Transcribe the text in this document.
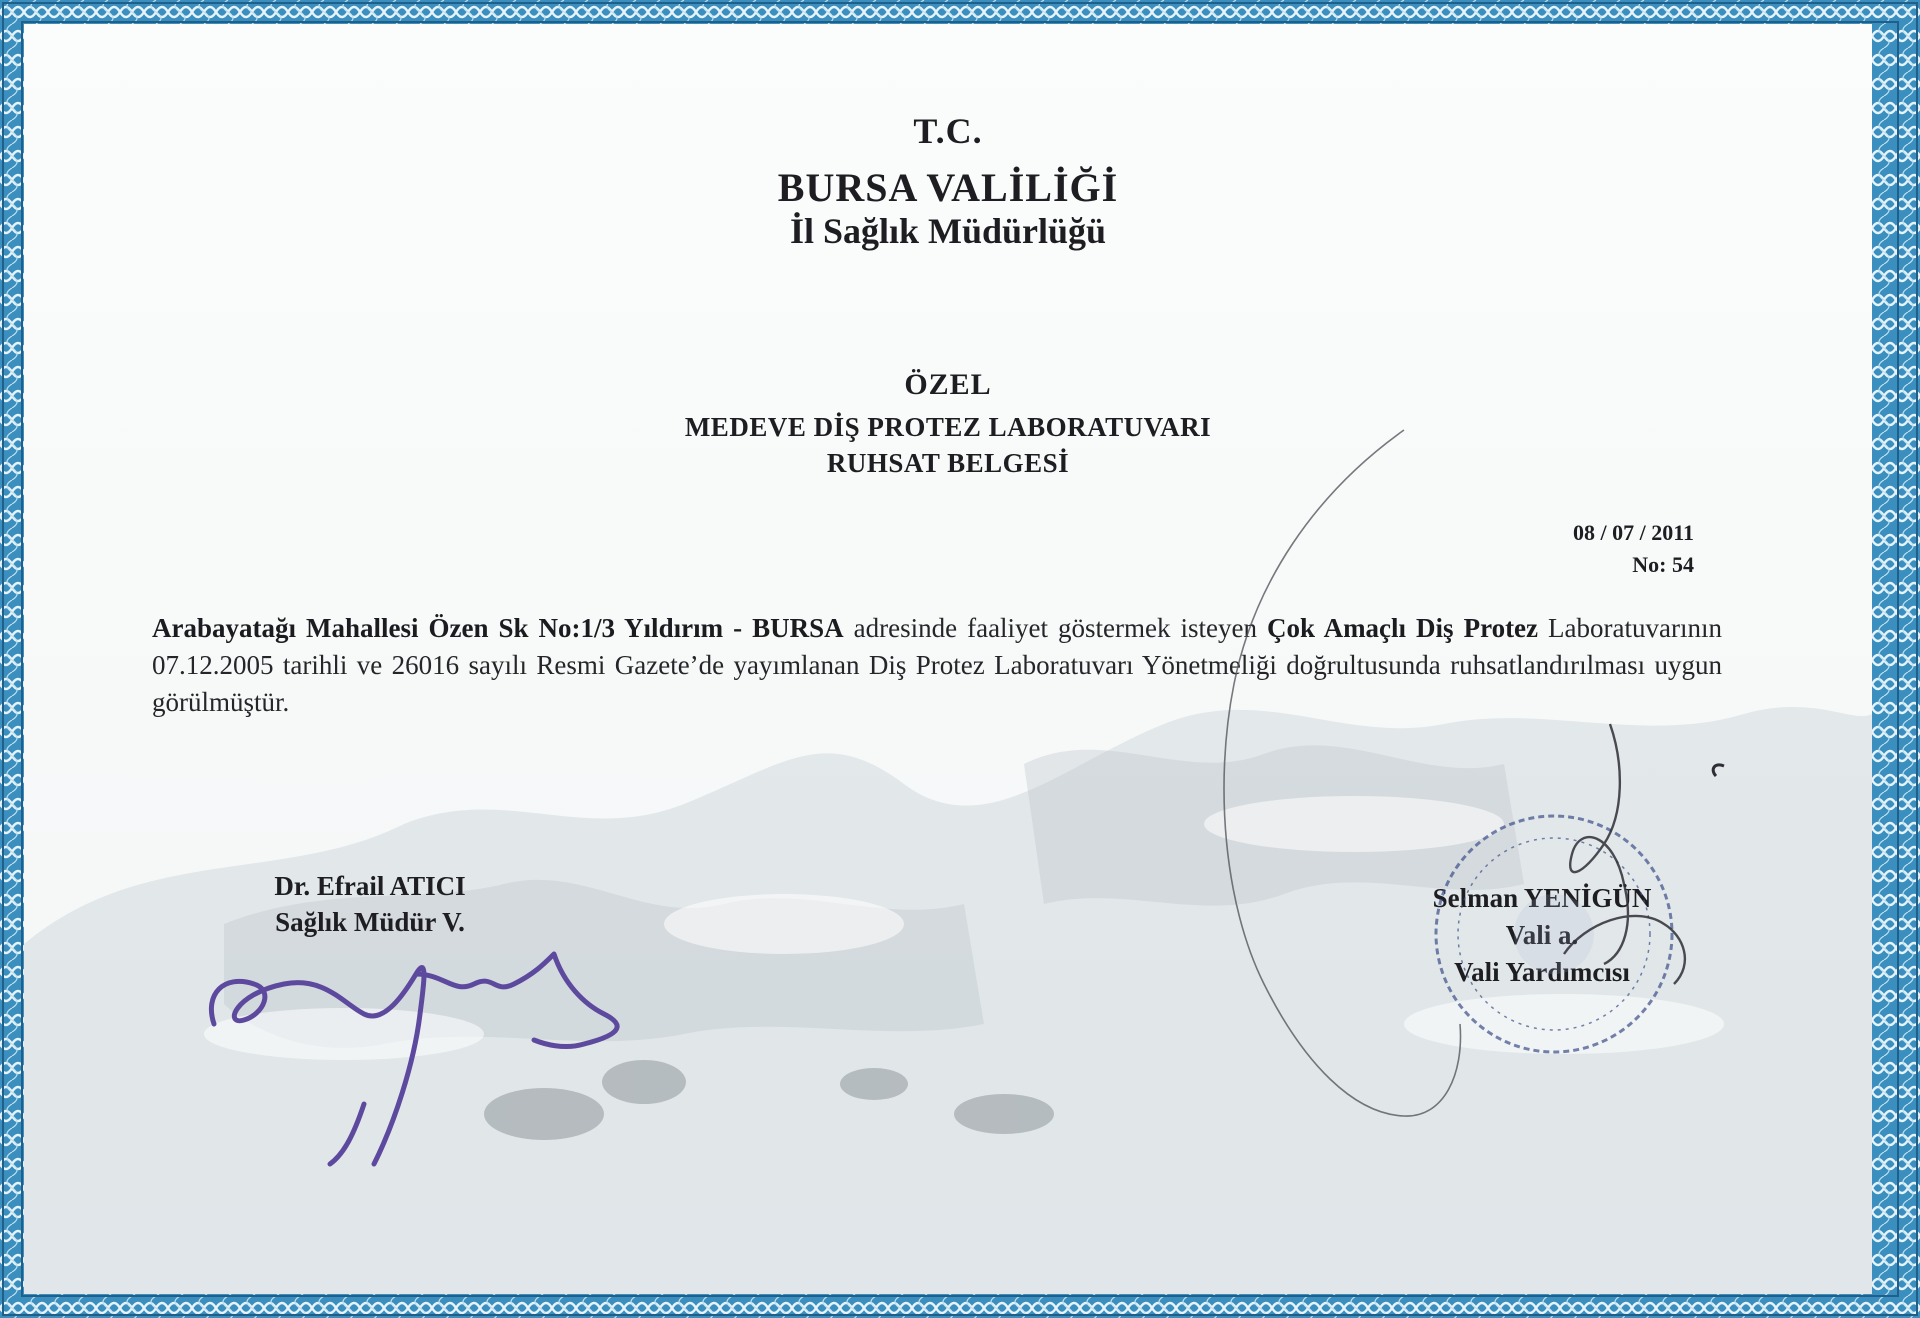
T.C.

BURSA VALİLİĞİ

İl Sağlık Müdürlüğü

ÖZEL

MEDEVE DİŞ PROTEZ LABORATUVARI

RUHSAT BELGESİ

08 / 07 / 2011

No: 54

Arabayatağı Mahallesi Özen Sk No:1/3 Yıldırım - BURSA adresinde faaliyet göstermek isteyen Çok Amaçlı Diş Protez Laboratuvarının 07.12.2005 tarihli ve 26016 sayılı Resmi Gazete’de yayımlanan Diş Protez Laboratuvarı Yönetmeliği doğrultusunda ruhsatlandırılması uygun görülmüştür.
Dr. Efrail ATICI
Sağlık Müdür V.
Selman YENİGÜN
Vali a.
Vali Yardımcısı
